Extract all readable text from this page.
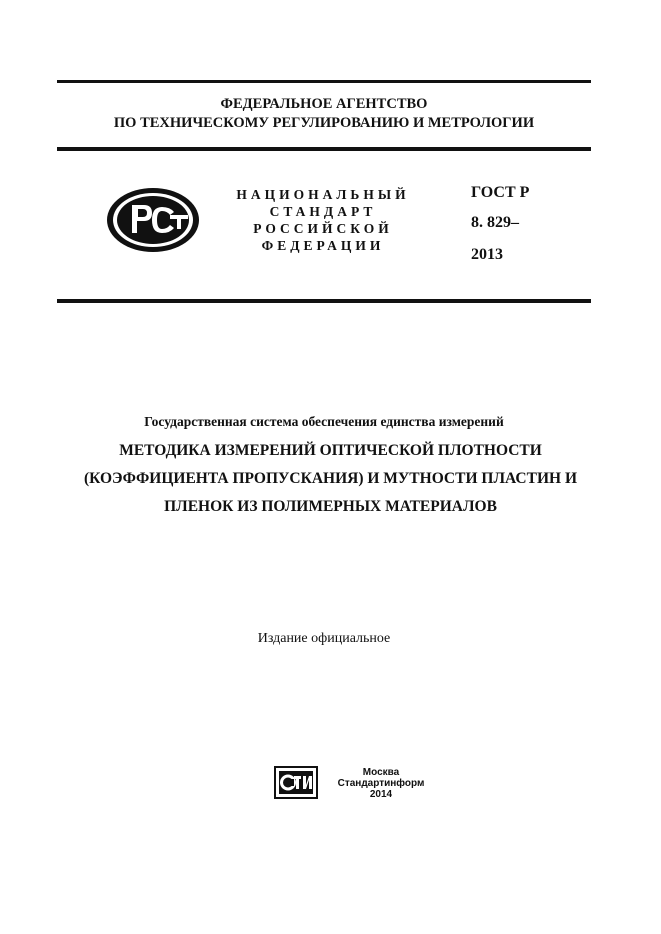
ФЕДЕРАЛЬНОЕ АГЕНТСТВО
ПО ТЕХНИЧЕСКОМУ РЕГУЛИРОВАНИЮ И МЕТРОЛОГИИ
НАЦИОНАЛЬНЫЙ
СТАНДАРТ
РОССИЙСКОЙ
ФЕДЕРАЦИИ
ГОСТ Р
8. 829–
2013
Государственная система обеспечения единства измерений
МЕТОДИКА ИЗМЕРЕНИЙ ОПТИЧЕСКОЙ ПЛОТНОСТИ
(КОЭФФИЦИЕНТА ПРОПУСКАНИЯ) И МУТНОСТИ ПЛАСТИН И
ПЛЕНОК ИЗ ПОЛИМЕРНЫХ МАТЕРИАЛОВ
Издание официальное
Москва
Стандартинформ
2014
